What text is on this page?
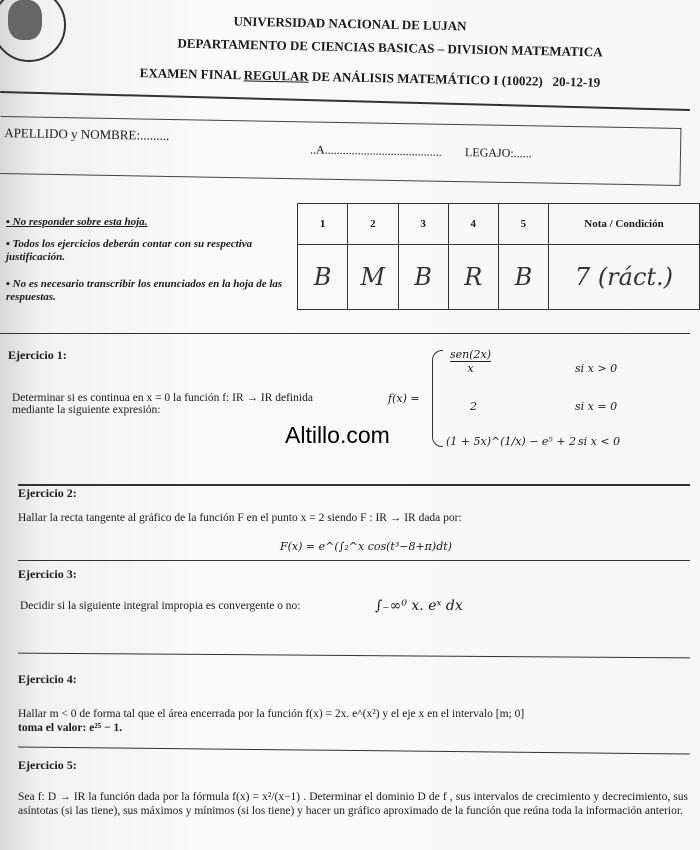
UNIVERSIDAD NACIONAL DE LUJAN
DEPARTAMENTO DE CIENCIAS BASICAS – DIVISION MATEMATICA
EXAMEN FINAL REGULAR DE ANÁLISIS MATEMÁTICO I (10022) 20-12-19
APELLIDO y NOMBRE:.........
..A....................................... LEGAJO:......
▪ No responder sobre esta hoja.
▪ Todos los ejercicios deberán contar con su respectiva justificación.
▪ No es necesario transcribir los enunciados en la hoja de las respuestas.
1	2	3	4	5	Nota / Condición
B	M	B	R	B	7 (ráct.)
Ejercicio 1:
Determinar si es continua en x = 0 la función f: IR → IR definida mediante la siguiente expresión:
f(x) =
sen(2x)
x	si x > 0
2	si x = 0
(1 + 5x)^(1/x) − e⁵ + 2 si x < 0
Altillo.com
Ejercicio 2:
Hallar la recta tangente al gráfico de la función F en el punto x = 2 siendo F : IR → IR dada por:
F(x) = e^(∫₂^x cos(t³−8+π)dt)
Ejercicio 3:
Decidir si la siguiente integral impropia es convergente o no:	∫₋∞⁰ x. eˣ dx
Ejercicio 4:
Hallar m < 0 de forma tal que el área encerrada por la función f(x) = 2x. e^(x²) y el eje x en el intervalo [m; 0]
toma el valor: e²⁵ − 1.
Ejercicio 5:
Sea f: D → IR la función dada por la fórmula f(x) = x²/(x−1) . Determinar el dominio D de f , sus intervalos de crecimiento y decrecimiento, sus asíntotas (si las tiene), sus máximos y mínimos (si los tiene) y hacer un gráfico aproximado de la función que reúna toda la información anterior.
